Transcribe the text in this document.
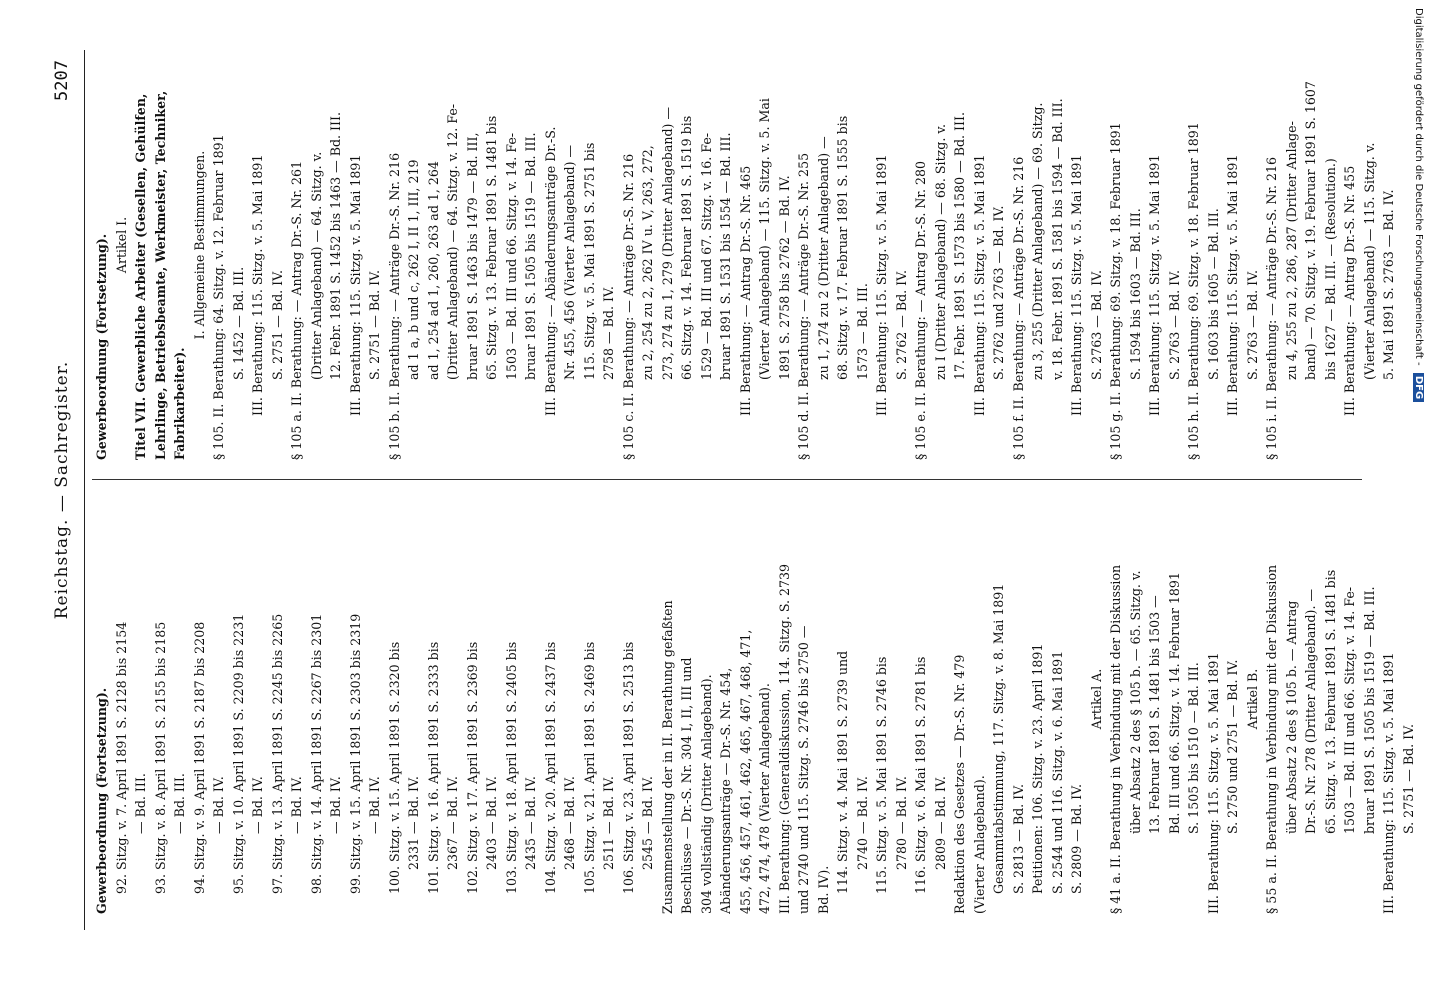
Reichstag. — Sachregister.
5207
Gewerbeordnung (Fortsetzung). 92. Sitzg. v. 7. April 1891 S. 2128 bis 2154 — Bd. III. 93. Sitzg. v. 8. April 1891 S. 2155 bis 2185 — Bd. III. 94. Sitzg. v. 9. April 1891 S. 2187 bis 2208 — Bd. IV. 95. Sitzg. v. 10. April 1891 S. 2209 bis 2231 — Bd. IV. 97. Sitzg. v. 13. April 1891 S. 2245 bis 2265 — Bd. IV. 98. Sitzg. v. 14. April 1891 S. 2267 bis 2301 — Bd. IV. 99. Sitzg. v. 15. April 1891 S. 2303 bis 2319 — Bd. IV. 100. Sitzg. v. 15. April 1891 S. 2320 bis 2331 — Bd. IV. 101. Sitzg. v. 16. April 1891 S. 2333 bis 2367 — Bd. IV. 102. Sitzg. v. 17. April 1891 S. 2369 bis 2403 — Bd. IV. 103. Sitzg. v. 18. April 1891 S. 2405 bis 2435 — Bd. IV. 104. Sitzg. v. 20. April 1891 S. 2437 bis 2468 — Bd. IV. 105. Sitzg. v. 21. April 1891 S. 2469 bis 2511 — Bd. IV. 106. Sitzg. v. 23. April 1891 S. 2513 bis 2545 — Bd. IV. Zusammenstellung der in II. Berathung gefaßten Beschlüsse — Dr.-S. Nr. 304 I, II, III und 304 vollständig (Dritter Anlageband). Abänderungsanträge — Dr.-S. Nr. 454, 455, 456, 457, 461, 462, 465, 467, 468, 471, 472, 474, 478 (Vierter Anlageband). III. Berathung: (Generaldiskussion, 114. Sitzg. S. 2739 und 2740 und 115. Sitzg. S. 2746 bis 2750 — Bd. IV). 114. Sitzg. v. 4. Mai 1891 S. 2739 und 2740 — Bd. IV. 115. Sitzg. v. 5. Mai 1891 S. 2746 bis 2780 — Bd. IV. 116. Sitzg. v. 6. Mai 1891 S. 2781 bis 2809 — Bd. IV. Redaktion des Gesetzes — Dr.-S. Nr. 479 (Vierter Anlageband). Gesammtabstimmung, 117. Sitzg. v. 8. Mai 1891 S. 2813 — Bd. IV. Petitionen: 106. Sitzg. v. 23. April 1891 S. 2544 und 116. Sitzg. v. 6. Mai 1891 S. 2809 — Bd. IV.
Artikel A. § 41 a. II. Berathung in Verbindung mit der Diskussion über Absatz 2 des § 105 b. — 65. Sitzg. v. 13. Februar 1891 S. 1481 bis 1503 — Bd. III und 66. Sitzg. v. 14. Februar 1891 S. 1505 bis 1510 — Bd. III. III. Berathung: 115. Sitzg. v. 5. Mai 1891 S. 2750 und 2751 — Bd. IV. Artikel B. § 55 a. II. Berathung in Verbindung mit der Diskussion über Absatz 2 des § 105 b. — Antrag Dr.-S. Nr. 278 (Dritter Anlageband). — 65. Sitzg. v. 13. Februar 1891 S. 1481 bis 1503 — Bd. III und 66. Sitzg. v. 14. Fe- bruar 1891 S. 1505 bis 1519 — Bd. III. III. Berathung: 115. Sitzg. v. 5. Mai 1891 S. 2751 — Bd. IV.
Gewerbeordnung (Fortsetzung). Artikel I. Titel VII. Gewerbliche Arbeiter (Gesellen, Gehülfen, Lehrlinge, Betriebsbeamte, Werkmeister, Techniker, Fabrikarbeiter).
I. Allgemeine Bestimmungen. § 105. II. Berathung: 64. Sitzg. v. 12. Februar 1891 S. 1452 — Bd. III. III. Berathung: 115. Sitzg. v. 5. Mai 1891 S. 2751 — Bd. IV. § 105 a. II. Berathung: — Antrag Dr.-S. Nr. 261 (Dritter Anlageband) — 64. Sitzg. v. 12. Febr. 1891 S. 1452 bis 1463 — Bd. III. III. Berathung: 115. Sitzg. v. 5. Mai 1891 S. 2751 — Bd. IV. § 105 b. II. Berathung: — Anträge Dr.-S. Nr. 216 ad 1 a, b und c, 262 I, II 1, III, 219 ad 1, 254 ad 1, 260, 263 ad 1, 264 (Dritter Anlageband) — 64. Sitzg. v. 12. Fe- bruar 1891 S. 1463 bis 1479 — Bd. III, 65. Sitzg. v. 13. Februar 1891 S. 1481 bis 1503 — Bd. III und 66. Sitzg. v. 14. Fe- bruar 1891 S. 1505 bis 1519 — Bd. III. III. Berathung: — Abänderungsanträge Dr.-S. Nr. 455, 456 (Vierter Anlageband) — 115. Sitzg. v. 5. Mai 1891 S. 2751 bis 2758 — Bd. IV. § 105 c. II. Berathung: — Anträge Dr.-S. Nr. 216 zu 2, 254 zu 2, 262 IV u. V, 263, 272, 273, 274 zu 1, 279 (Dritter Anlageband) — 66. Sitzg. v. 14. Februar 1891 S. 1519 bis 1529 — Bd. III und 67. Sitzg. v. 16. Fe- bruar 1891 S. 1531 bis 1554 — Bd. III. III. Berathung: — Antrag Dr.-S. Nr. 465 (Vierter Anlageband) — 115. Sitzg. v. 5. Mai 1891 S. 2758 bis 2762 — Bd. IV. § 105 d. II. Berathung: — Anträge Dr.-S. Nr. 255 zu 1, 274 zu 2 (Dritter Anlageband) — 68. Sitzg. v. 17. Februar 1891 S. 1555 bis 1573 — Bd. III. III. Berathung: 115. Sitzg. v. 5. Mai 1891 S. 2762 — Bd. IV. § 105 e. II. Berathung: — Antrag Dr.-S. Nr. 280 zu I (Dritter Anlageband) — 68. Sitzg. v. 17. Febr. 1891 S. 1573 bis 1580 — Bd. III. III. Berathung: 115. Sitzg. v. 5. Mai 1891 S. 2762 und 2763 — Bd. IV. § 105 f. II. Berathung: — Anträge Dr.-S. Nr. 216 zu 3, 255 (Dritter Anlageband) — 69. Sitzg. v. 18. Febr. 1891 S. 1581 bis 1594 — Bd. III. III. Berathung: 115. Sitzg. v. 5. Mai 1891 S. 2763 — Bd. IV. § 105 g. II. Berathung: 69. Sitzg. v. 18. Februar 1891 S. 1594 bis 1603 — Bd. III. III. Berathung: 115. Sitzg. v. 5. Mai 1891 S. 2763 — Bd. IV. § 105 h. II. Berathung: 69. Sitzg. v. 18. Februar 1891 S. 1603 bis 1605 — Bd. III. III. Berathung: 115. Sitzg. v. 5. Mai 1891 S. 2763 — Bd. IV. § 105 i. II. Berathung: — Anträge Dr.-S. Nr. 216 zu 4, 255 zu 2, 286, 287 (Dritter Anlage- band) — 70. Sitzg. v. 19. Februar 1891 S. 1607 bis 1627 — Bd. III. — (Resolution.) III. Berathung: — Antrag Dr.-S. Nr. 455 (Vierter Anlageband) — 115. Sitzg. v. 5. Mai 1891 S. 2763 — Bd. IV. Digitalisierung gefördert durch die Deutsche Forschungsgemeinschaft - DFG
